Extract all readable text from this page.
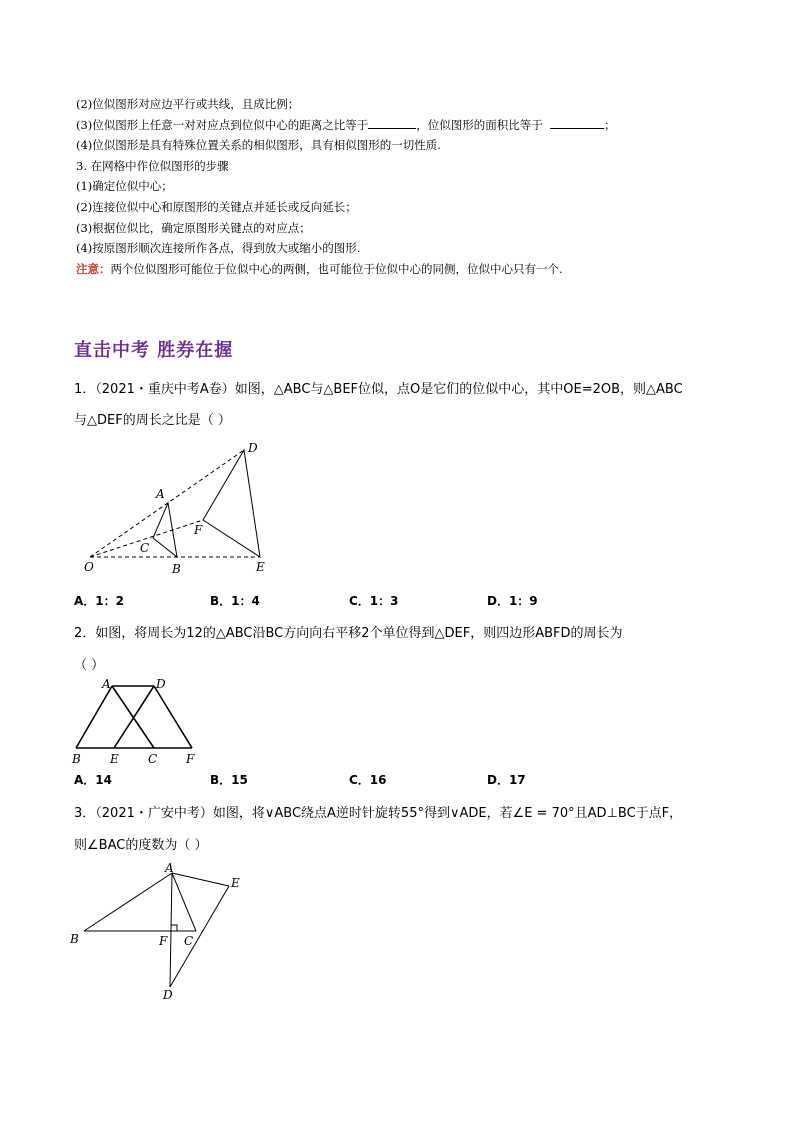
(2)位似图形对应边平行或共线，且成比例；
(3)位似图形上任意一对对应点到位似中心的距离之比等于	，位似图形的面积比等于	；
(4)位似图形是具有特殊位置关系的相似图形，具有相似图形的一切性质.
3. 在网格中作位似图形的步骤
(1)确定位似中心；
(2)连接位似中心和原图形的关键点并延长或反向延长；
(3)根据位似比，确定原图形关键点的对应点；
(4)按原图形顺次连接所作各点，得到放大或缩小的图形.
注意：两个位似图形可能位于位似中心的两侧，也可能位于位似中心的同侧，位似中心只有一个.
直击中考 胜券在握
1．（2021・重庆中考A卷）如图，△ABC与△BEF位似，点O是它们的位似中心，其中OE=2OB，则△ABC
与△DEF的周长之比是（ ）
A
C
B
D
F
E
O
A．1：2	B．1：4	C．1：3	D．1：9
2．如图，将周长为12的△ABC沿BC方向向右平移2个单位得到△DEF，则四边形ABFD的周长为
（ ）
A	D
B E C F
A．14	B．15	C．16	D．17
3．（2021・广安中考）如图，将∨ABC绕点A逆时针旋转55°得到∨ADE，若∠E = 70°且AD⊥BC于点F，
则∠BAC的度数为（ ）
A
B	F C
D
E
